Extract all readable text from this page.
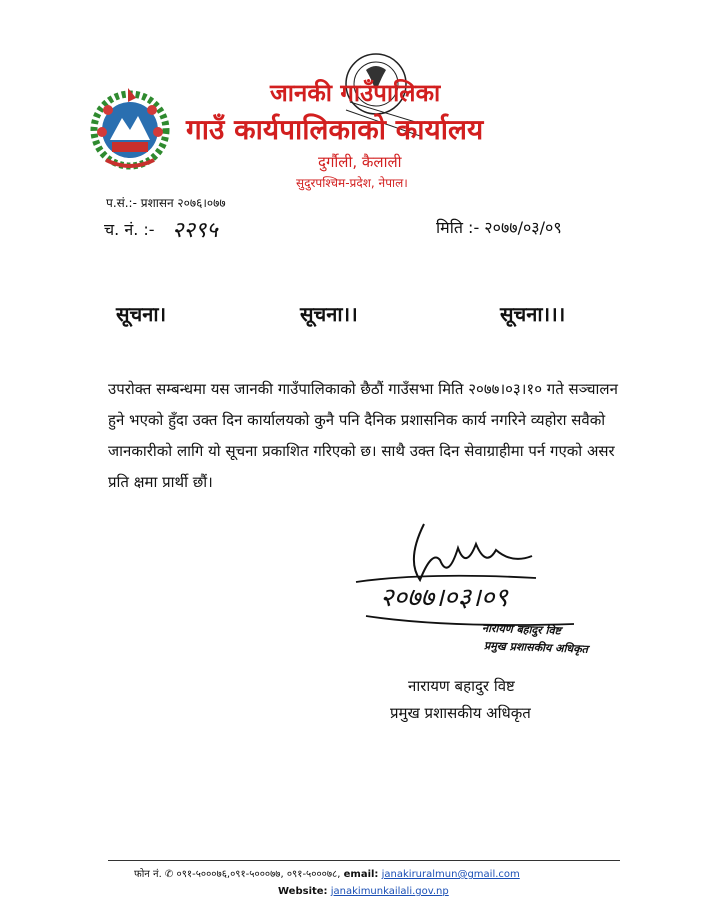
जानकी गाउँपालिका
गाउँ कार्यपालिकाको कार्यालय
दुर्गौली, कैलाली
सुदुरपश्चिम-प्रदेश, नेपाल।
प.सं.:- प्रशासन २०७६।०७७
च. नं. :- २२९५	मिति :- २०७७/०३/०९
सूचना।	सूचना।।	सूचना।।।
उपरोक्त सम्बन्धमा यस जानकी गाउँपालिकाको छैठौं गाउँसभा मिति २०७७।०३।१० गते सञ्चालन हुने भएको हुँदा उक्त दिन कार्यालयको कुनै पनि दैनिक प्रशासनिक कार्य नगरिने व्यहोरा सवैको जानकारीको लागि यो सूचना प्रकाशित गरिएको छ। साथै उक्त दिन सेवाग्राहीमा पर्न गएको असर प्रति क्षमा प्रार्थी छौं।
२०७७।०३।०९
नारायण बहादुर विष्ट
प्रमुख प्रशासकीय अधिकृत
नारायण बहादुर विष्ट
प्रमुख प्रशासकीय अधिकृत
फोन नं. ✆ ०९१-५०००७६,०९१-५०००७७, ०९१-५०००७८, email: janakiruralmun@gmail.com
Website: janakimunkailali.gov.np
